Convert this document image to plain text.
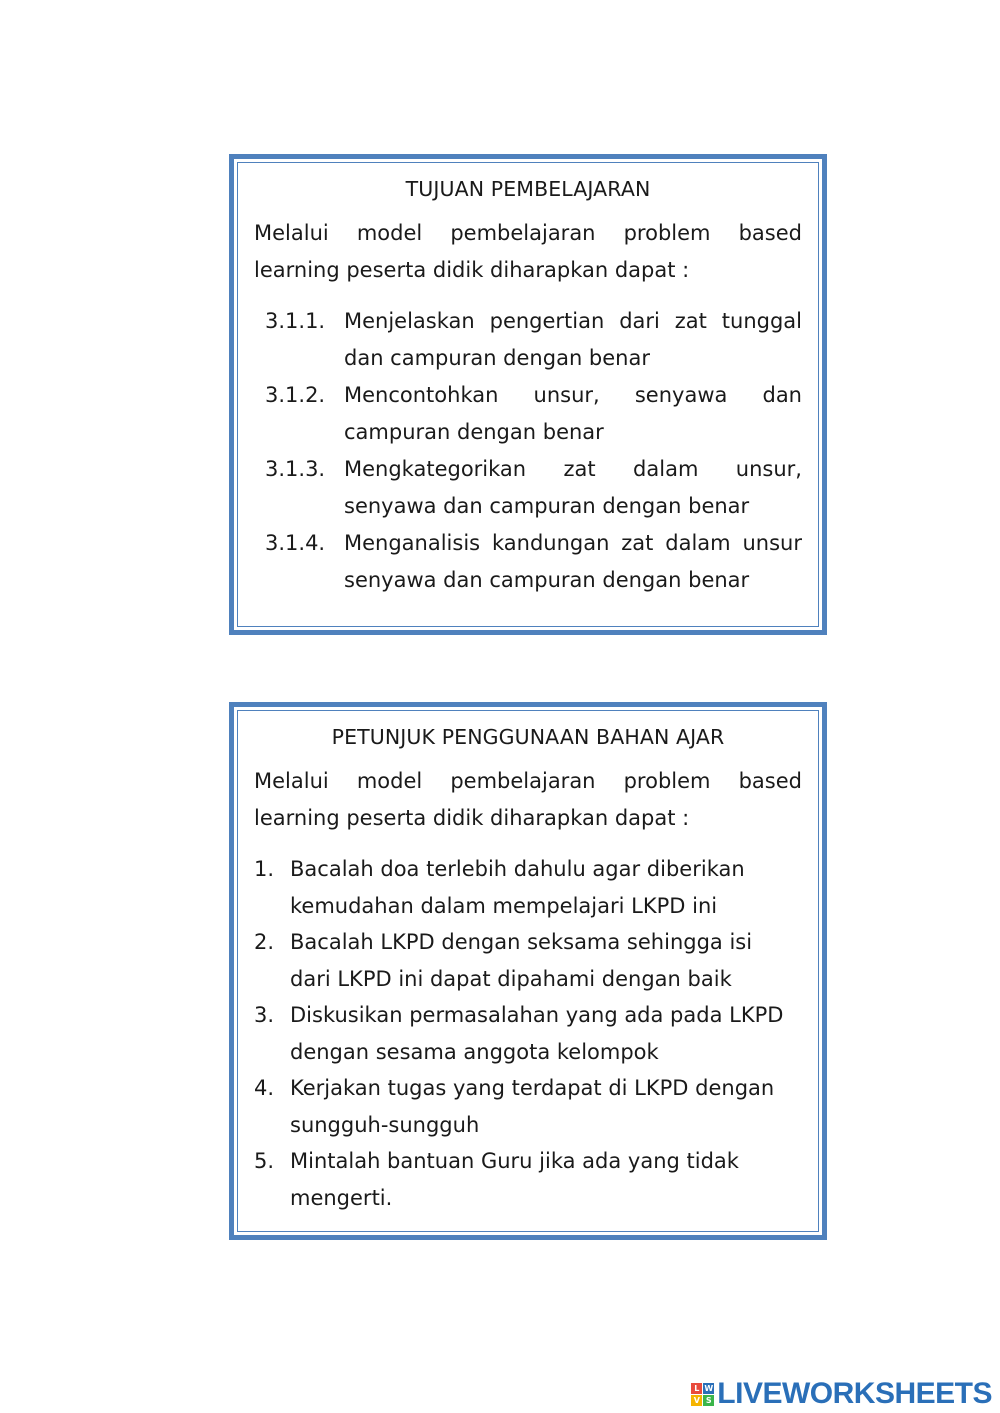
TUJUAN PEMBELAJARAN
Melalui model pembelajaran problem based
learning peserta didik diharapkan dapat :
3.1.1. Menjelaskan pengertian dari zat tunggal dan campuran dengan benar
3.1.2. Mencontohkan unsur, senyawa dan campuran dengan benar
3.1.3. Mengkategorikan zat dalam unsur, senyawa dan campuran dengan benar
3.1.4. Menganalisis kandungan zat dalam unsur senyawa dan campuran dengan benar
PETUNJUK PENGGUNAAN BAHAN AJAR
Melalui model pembelajaran problem based
learning peserta didik diharapkan dapat :
1. Bacalah doa terlebih dahulu agar diberikan kemudahan dalam mempelajari LKPD ini
2. Bacalah LKPD dengan seksama sehingga isi dari LKPD ini dapat dipahami dengan baik
3. Diskusikan permasalahan yang ada pada LKPD dengan sesama anggota kelompok
4. Kerjakan tugas yang terdapat di LKPD dengan sungguh-sungguh
5. Mintalah bantuan Guru jika ada yang tidak mengerti.
L W
V S LIVEWORKSHEETS
